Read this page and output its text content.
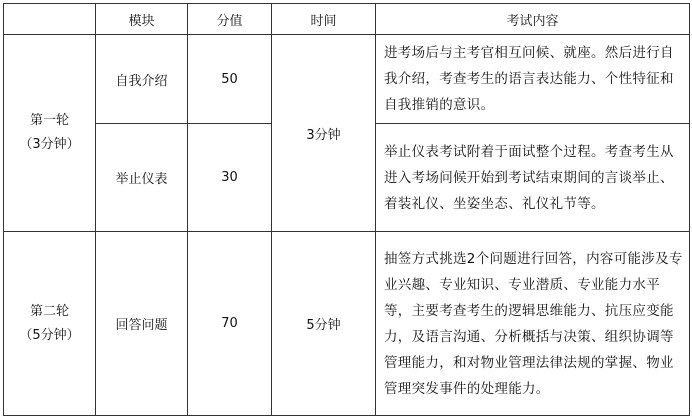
	模块	分值	时间	考试内容

第一轮
（3分钟）	自我介绍	50	3分钟	进考场后与主考官相互问候、就座。然后进行自我介绍，考查考生的语言表达能力、个性特征和自我推销的意识。
	举止仪表	30		举止仪表考试附着于面试整个过程。考查考生从进入考场问候开始到考试结束期间的言谈举止、着装礼仪、坐姿坐态、礼仪礼节等。

第二轮
（5分钟）	回答问题	70	5分钟	抽签方式挑选2个问题进行回答，内容可能涉及专业兴趣、专业知识、专业潜质、专业能力水平等，主要考查考生的逻辑思维能力、抗压应变能力，及语言沟通、分析概括与决策、组织协调等管理能力，和对物业管理法律法规的掌握、物业管理突发事件的处理能力。
